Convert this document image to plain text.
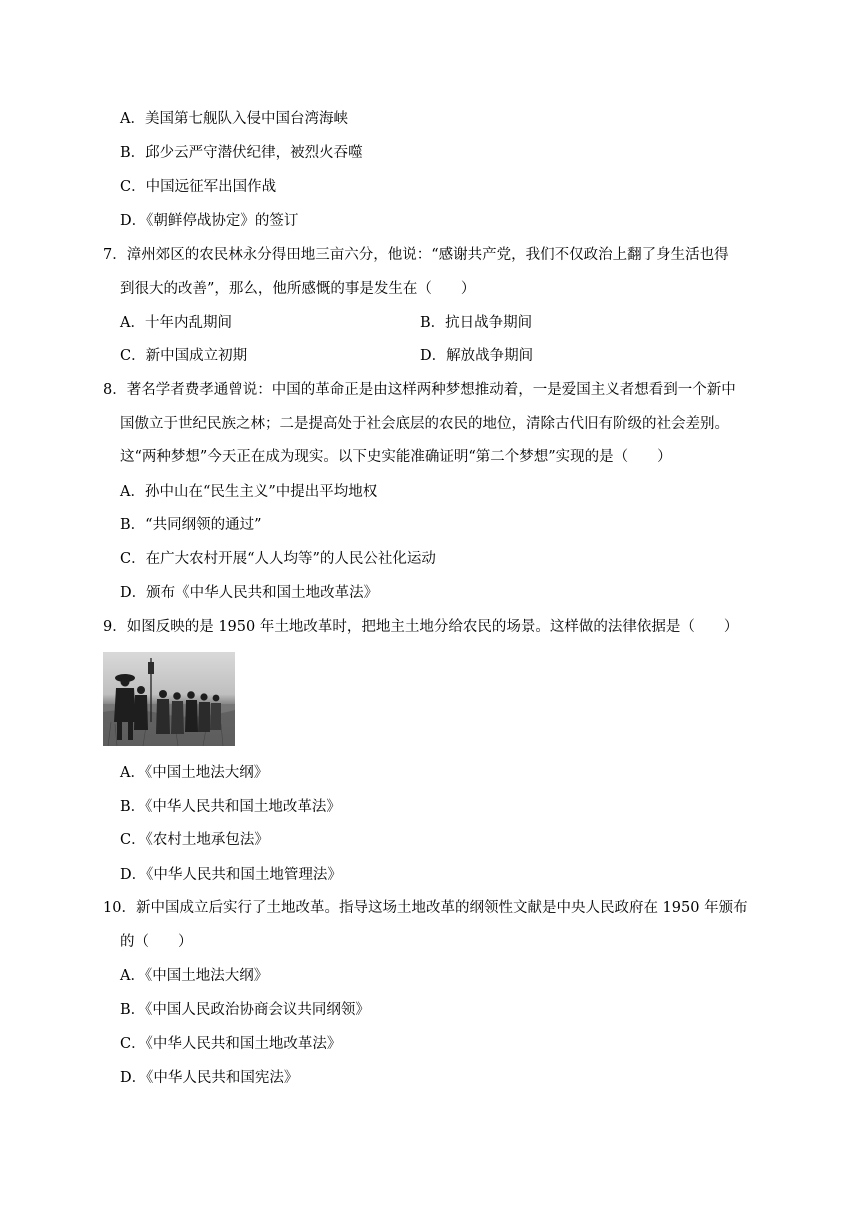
A．美国第七舰队入侵中国台湾海峡
B．邱少云严守潜伏纪律，被烈火吞噬
C．中国远征军出国作战
D．《朝鲜停战协定》的签订
7．漳州郊区的农民林永分得田地三亩六分，他说：“感谢共产党，我们不仅政治上翻了身生活也得
到很大的改善”，那么，他所感慨的事是发生在（　　）
A．十年内乱期间	B．抗日战争期间
C．新中国成立初期	D．解放战争期间
8．著名学者费孝通曾说：中国的革命正是由这样两种梦想推动着，一是爱国主义者想看到一个新中
国傲立于世纪民族之林；二是提高处于社会底层的农民的地位，清除古代旧有阶级的社会差别。
这“两种梦想”今天正在成为现实。以下史实能准确证明“第二个梦想”实现的是（　　）
A．孙中山在“民生主义”中提出平均地权
B．“共同纲领的通过”
C．在广大农村开展“人人均等”的人民公社化运动
D．颁布《中华人民共和国土地改革法》
9．如图反映的是 1950 年土地改革时，把地主土地分给农民的场景。这样做的法律依据是（　　）
A．《中国土地法大纲》
B．《中华人民共和国土地改革法》
C．《农村土地承包法》
D．《中华人民共和国土地管理法》
10．新中国成立后实行了土地改革。指导这场土地改革的纲领性文献是中央人民政府在 1950 年颁布
的（　　）
A．《中国土地法大纲》
B．《中国人民政治协商会议共同纲领》
C．《中华人民共和国土地改革法》
D．《中华人民共和国宪法》
